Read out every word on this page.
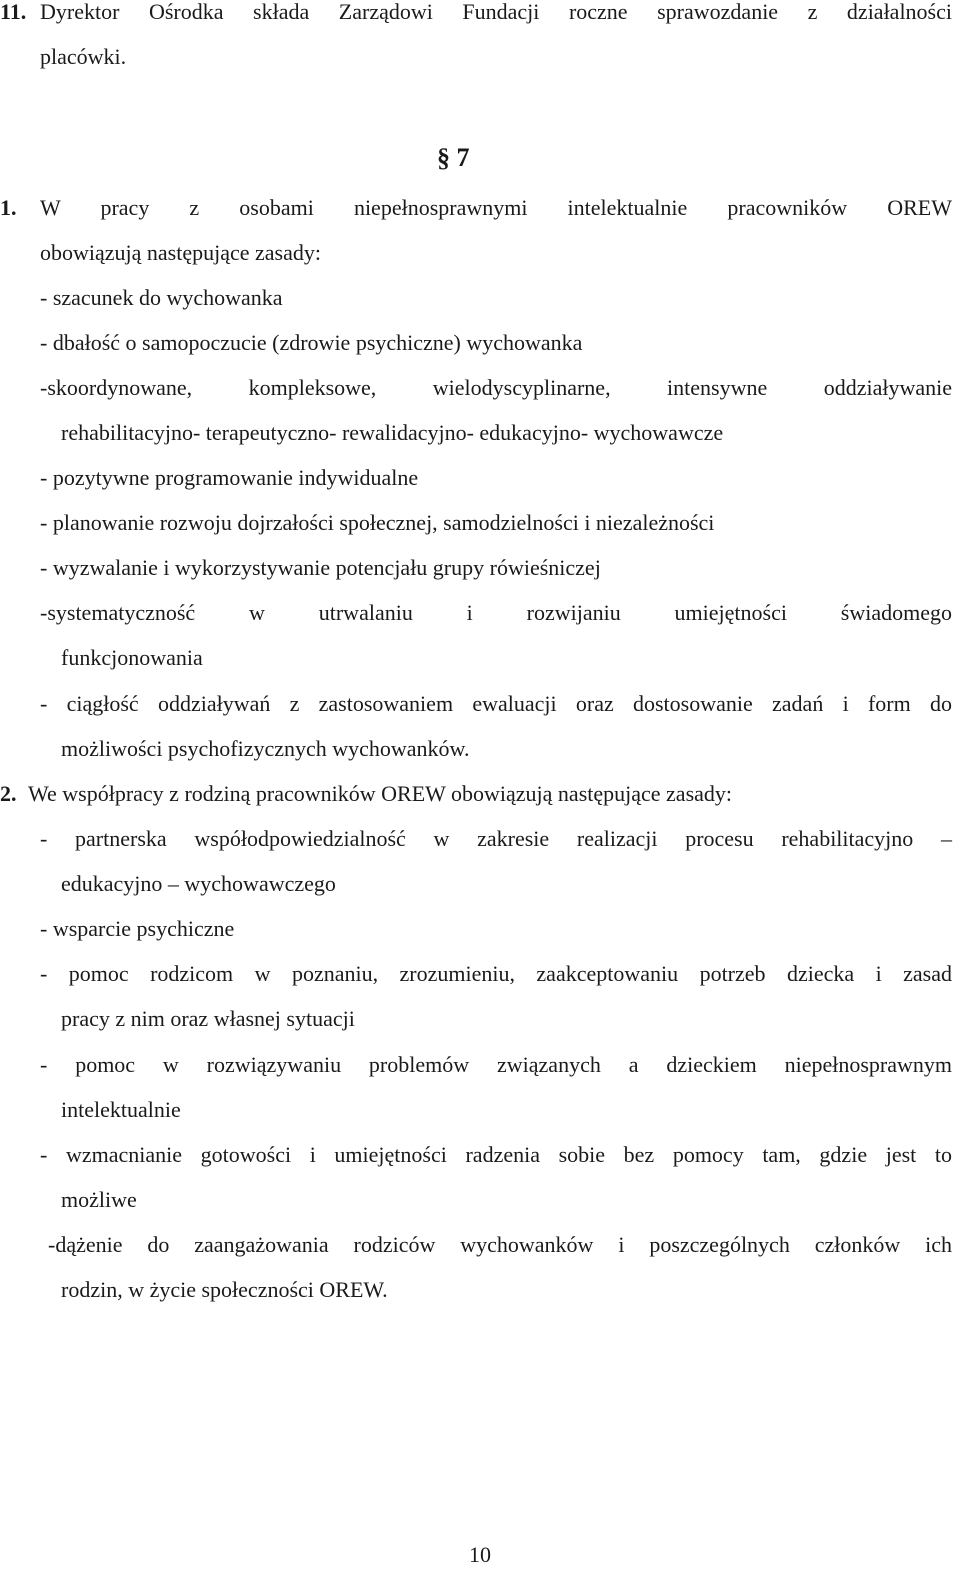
11. Dyrektor Ośrodka składa Zarządowi Fundacji roczne sprawozdanie z działalności
placówki.
§ 7
1. W pracy z osobami niepełnosprawnymi intelektualnie pracowników OREW
obowiązują następujące zasady:
- szacunek do wychowanka
- dbałość o samopoczucie (zdrowie psychiczne) wychowanka
-skoordynowane, kompleksowe, wielodyscyplinarne, intensywne oddziaływanie
rehabilitacyjno- terapeutyczno- rewalidacyjno- edukacyjno- wychowawcze
- pozytywne programowanie indywidualne
- planowanie rozwoju dojrzałości społecznej, samodzielności i niezależności
- wyzwalanie i wykorzystywanie potencjału grupy rówieśniczej
-systematyczność w utrwalaniu i rozwijaniu umiejętności świadomego
funkcjonowania
- ciągłość oddziaływań z zastosowaniem ewaluacji oraz dostosowanie zadań i form do
możliwości psychofizycznych wychowanków.
2. We współpracy z rodziną pracowników OREW obowiązują następujące zasady:
- partnerska współodpowiedzialność w zakresie realizacji procesu rehabilitacyjno –
edukacyjno – wychowawczego
- wsparcie psychiczne
- pomoc rodzicom w poznaniu, zrozumieniu, zaakceptowaniu potrzeb dziecka i zasad
pracy z nim oraz własnej sytuacji
- pomoc w rozwiązywaniu problemów związanych a dzieckiem niepełnosprawnym
intelektualnie
- wzmacnianie gotowości i umiejętności radzenia sobie bez pomocy tam, gdzie jest to
możliwe
-dążenie do zaangażowania rodziców wychowanków i poszczególnych członków ich
rodzin, w życie społeczności OREW.
10
